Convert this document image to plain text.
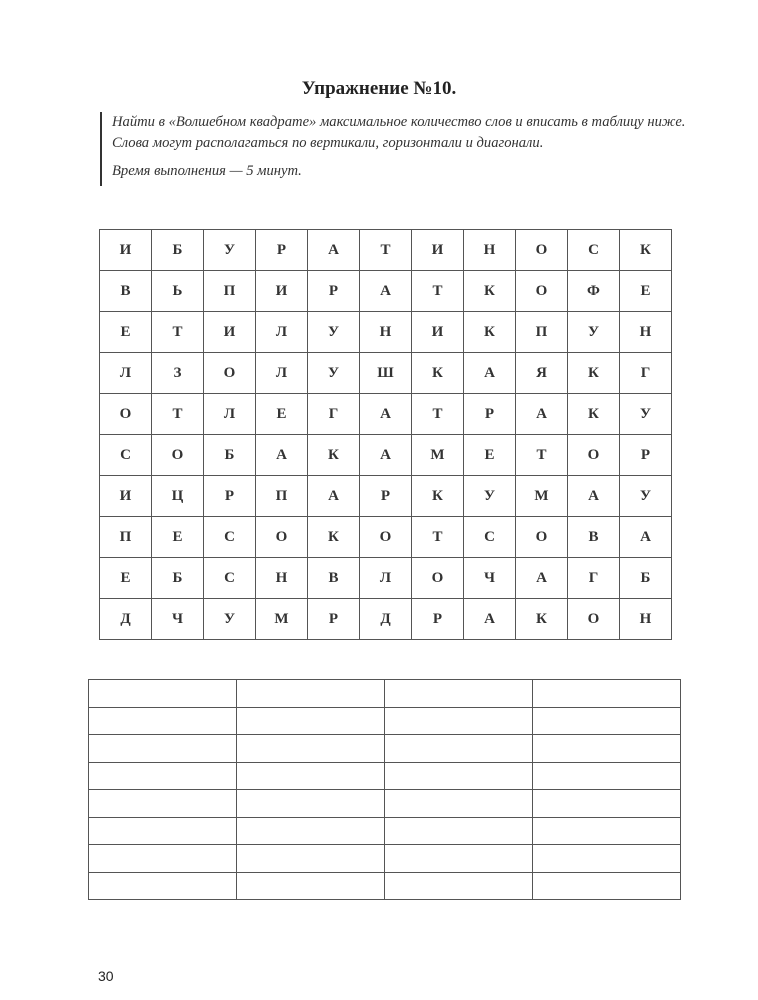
Упражнение №10.
Найти в «Волшебном квадрате» максимальное количество слов и вписать в таблицу ниже. Слова могут располагаться по вертикали, горизонтали и диагонали.
Время выполнения — 5 минут.
И	Б	У	Р	А	Т	И	Н	О	С	К
В	Ь	П	И	Р	А	Т	К	О	Ф	Е
Е	Т	И	Л	У	Н	И	К	П	У	Н
Л	З	О	Л	У	Ш	К	А	Я	К	Г
О	Т	Л	Е	Г	А	Т	Р	А	К	У
С	О	Б	А	К	А	М	Е	Т	О	Р
И	Ц	Р	П	А	Р	К	У	М	А	У
П	Е	С	О	К	О	Т	С	О	В	А
Е	Б	С	Н	В	Л	О	Ч	А	Г	Б
Д	Ч	У	М	Р	Д	Р	А	К	О	Н

30
